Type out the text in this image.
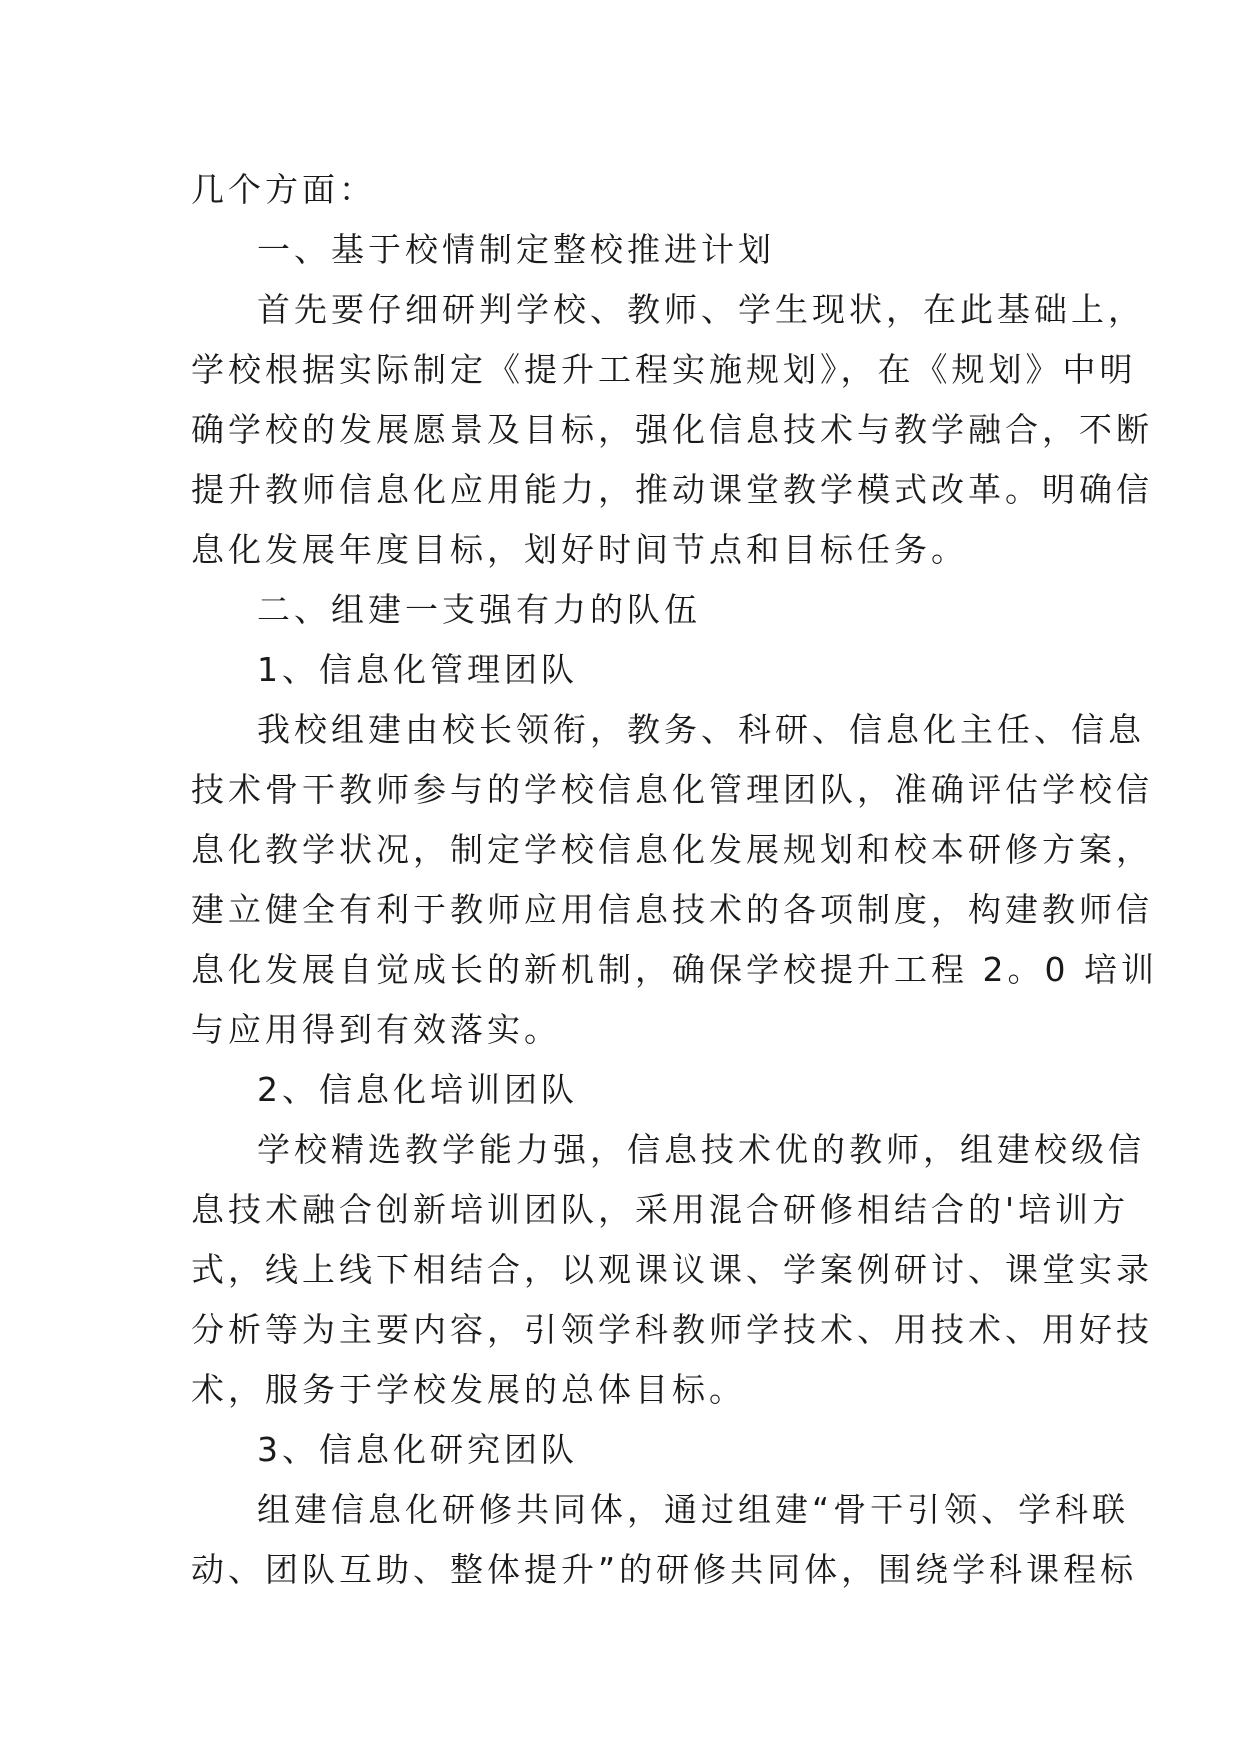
几个方面：
一、基于校情制定整校推进计划
首先要仔细研判学校、教师、学生现状，在此基础上，
学校根据实际制定《提升工程实施规划》，在《规划》中明
确学校的发展愿景及目标，强化信息技术与教学融合，不断
提升教师信息化应用能力，推动课堂教学模式改革。明确信
息化发展年度目标，划好时间节点和目标任务。
二、组建一支强有力的队伍
1、信息化管理团队
我校组建由校长领衔，教务、科研、信息化主任、信息
技术骨干教师参与的学校信息化管理团队，准确评估学校信
息化教学状况，制定学校信息化发展规划和校本研修方案，
建立健全有利于教师应用信息技术的各项制度，构建教师信
息化发展自觉成长的新机制，确保学校提升工程 2。0 培训
与应用得到有效落实。
2、信息化培训团队
学校精选教学能力强，信息技术优的教师，组建校级信
息技术融合创新培训团队，采用混合研修相结合的'培训方
式，线上线下相结合，以观课议课、学案例研讨、课堂实录
分析等为主要内容，引领学科教师学技术、用技术、用好技
术，服务于学校发展的总体目标。
3、信息化研究团队
组建信息化研修共同体，通过组建“骨干引领、学科联
动、团队互助、整体提升”的研修共同体，围绕学科课程标
